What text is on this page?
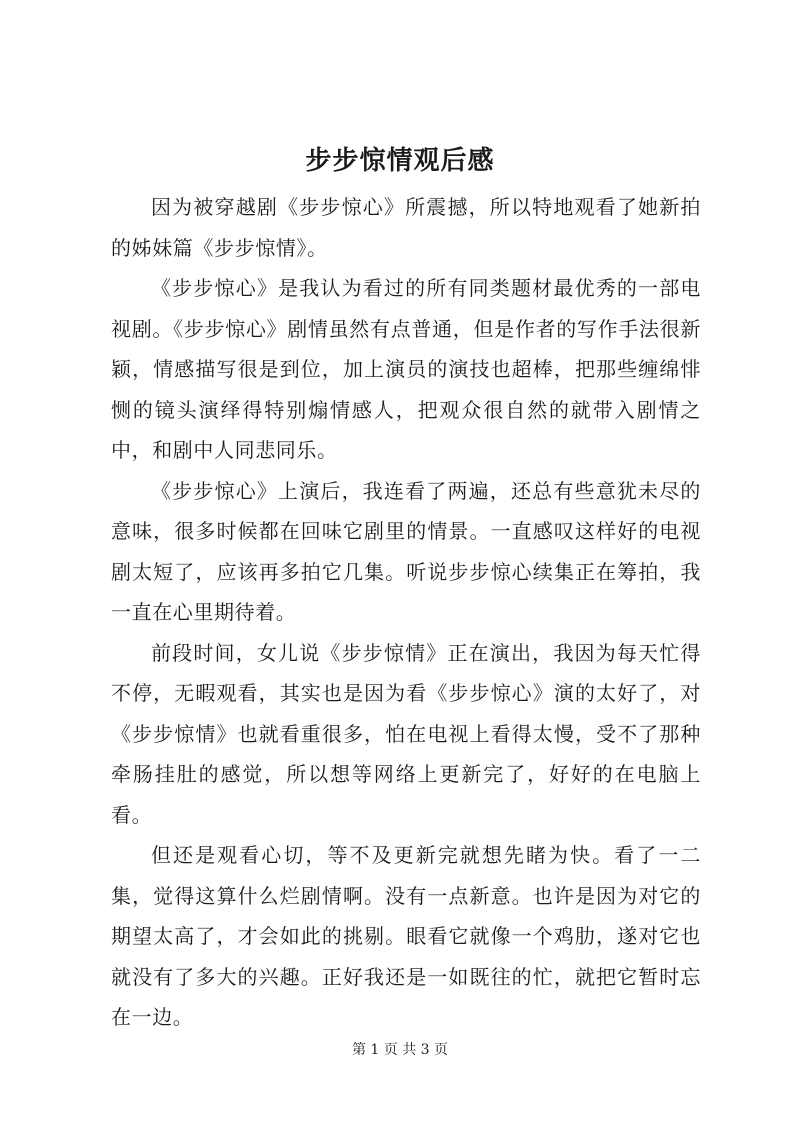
步步惊情观后感

因为被穿越剧《步步惊心》所震撼，所以特地观看了她新拍的姊妹篇《步步惊情》。

《步步惊心》是我认为看过的所有同类题材最优秀的一部电视剧。《步步惊心》剧情虽然有点普通，但是作者的写作手法很新颖，情感描写很是到位，加上演员的演技也超棒，把那些缠绵悱恻的镜头演绎得特别煽情感人，把观众很自然的就带入剧情之中，和剧中人同悲同乐。

《步步惊心》上演后，我连看了两遍，还总有些意犹未尽的意味，很多时候都在回味它剧里的情景。一直感叹这样好的电视剧太短了，应该再多拍它几集。听说步步惊心续集正在筹拍，我一直在心里期待着。

前段时间，女儿说《步步惊情》正在演出，我因为每天忙得不停，无暇观看，其实也是因为看《步步惊心》演的太好了，对《步步惊情》也就看重很多，怕在电视上看得太慢，受不了那种牵肠挂肚的感觉，所以想等网络上更新完了，好好的在电脑上看。

但还是观看心切，等不及更新完就想先睹为快。看了一二集，觉得这算什么烂剧情啊。没有一点新意。也许是因为对它的期望太高了，才会如此的挑剔。眼看它就像一个鸡肋，遂对它也就没有了多大的兴趣。正好我还是一如既往的忙，就把它暂时忘在一边。

第 1 页 共 3 页
